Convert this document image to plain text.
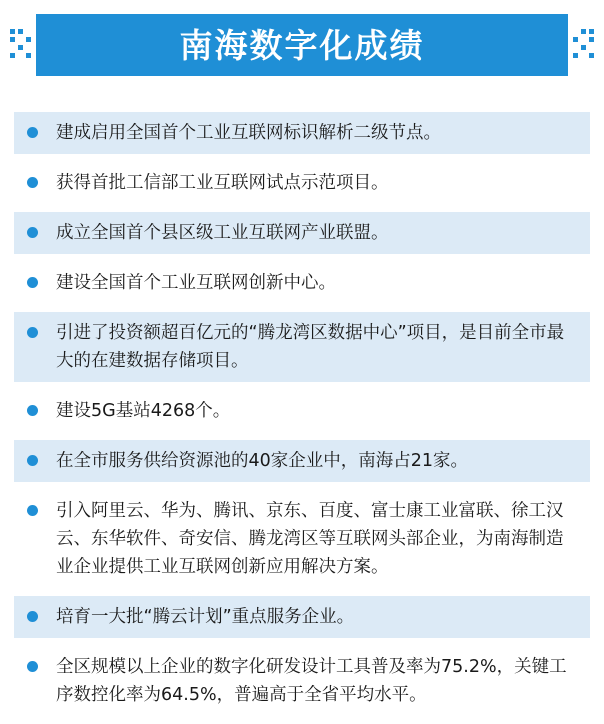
南海数字化成绩
建成启用全国首个工业互联网标识解析二级节点。
获得首批工信部工业互联网试点示范项目。
成立全国首个县区级工业互联网产业联盟。
建设全国首个工业互联网创新中心。
引进了投资额超百亿元的“腾龙湾区数据中心”项目，是目前全市最大的在建数据存储项目。
建设5G基站4268个。
在全市服务供给资源池的40家企业中，南海占21家。
引入阿里云、华为、腾讯、京东、百度、富士康工业富联、徐工汉云、东华软件、奇安信、腾龙湾区等互联网头部企业，为南海制造业企业提供工业互联网创新应用解决方案。
培育一大批“腾云计划”重点服务企业。
全区规模以上企业的数字化研发设计工具普及率为75.2%，关键工序数控化率为64.5%，普遍高于全省平均水平。
